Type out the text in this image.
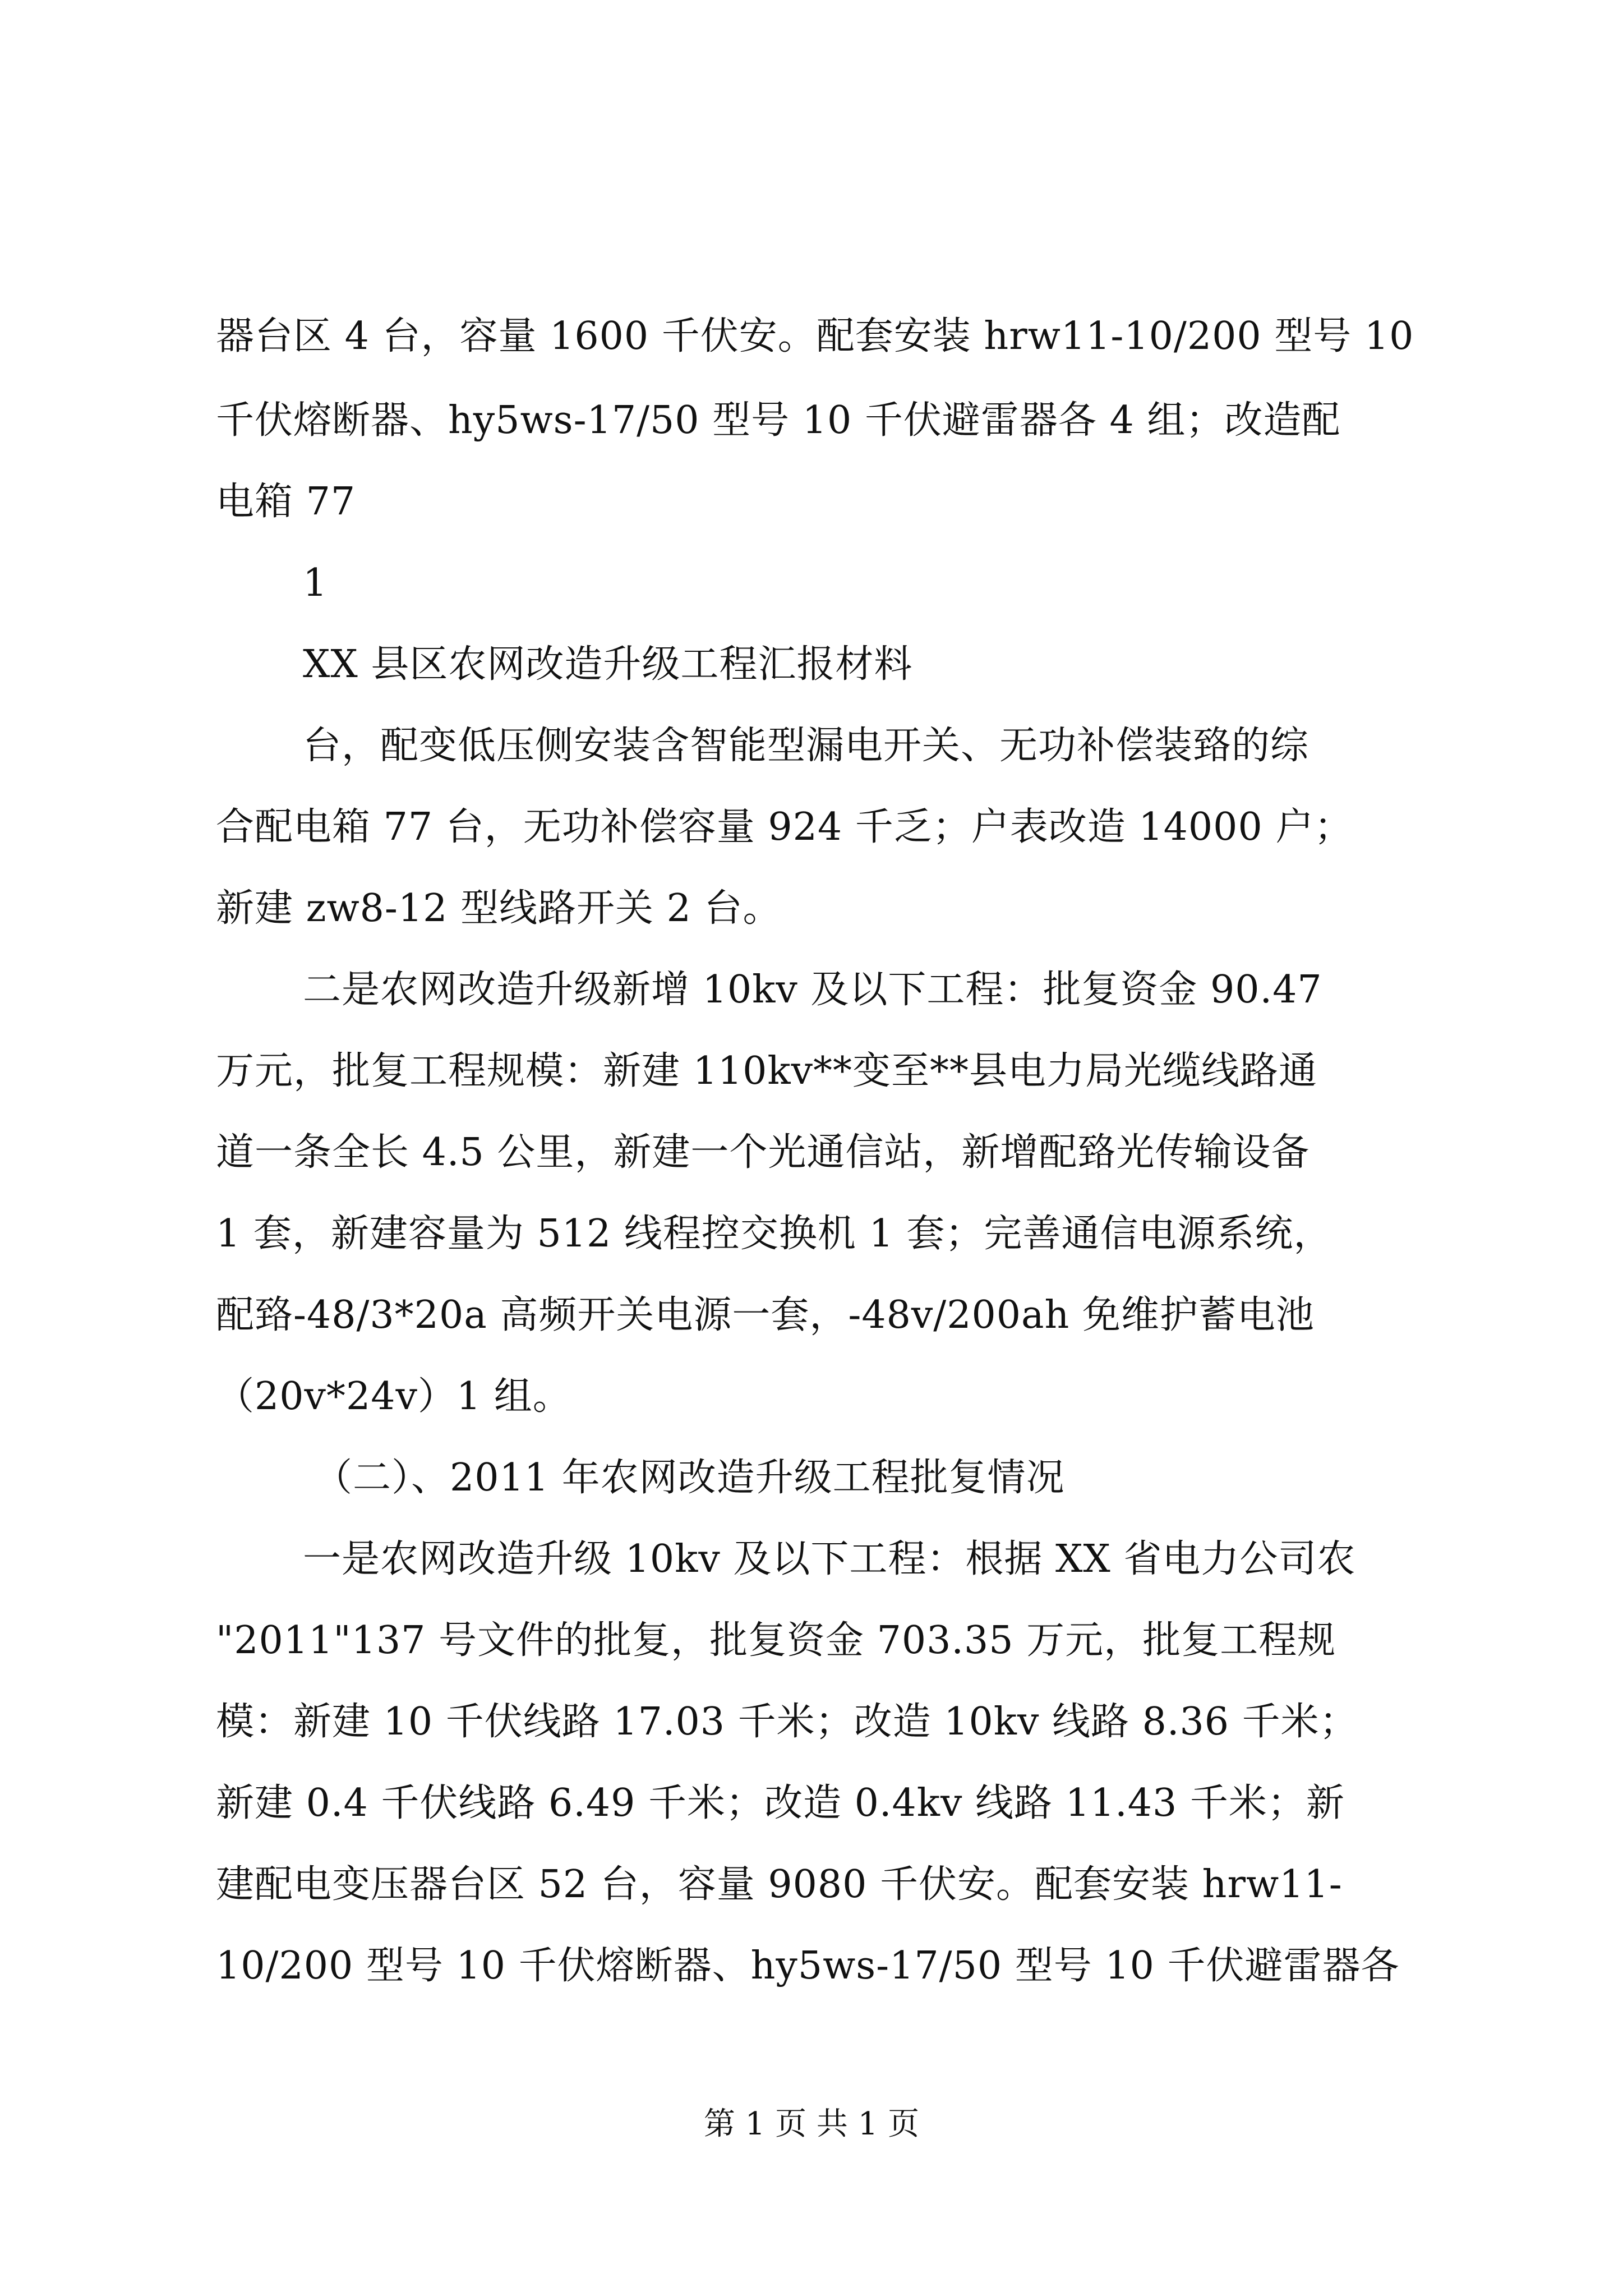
器台区 4 台，容量 1600 千伏安。配套安装 hrw11-10/200 型号 10
千伏熔断器、hy5ws-17/50 型号 10 千伏避雷器各 4 组；改造配
电箱 77
1
XX 县区农网改造升级工程汇报材料
台，配变低压侧安装含智能型漏电开关、无功补偿装臵的综
合配电箱 77 台，无功补偿容量 924 千乏；户表改造 14000 户；
新建 zw8-12 型线路开关 2 台。
二是农网改造升级新增 10kv 及以下工程：批复资金 90.47
万元，批复工程规模：新建 110kv**变至**县电力局光缆线路通
道一条全长 4.5 公里，新建一个光通信站，新增配臵光传输设备
1 套，新建容量为 512 线程控交换机 1 套；完善通信电源系统，
配臵-48/3*20a 高频开关电源一套，-48v/200ah 免维护蓄电池
（20v*24v）1 组。
（二）、2011 年农网改造升级工程批复情况
一是农网改造升级 10kv 及以下工程：根据 XX 省电力公司农
"2011"137 号文件的批复，批复资金 703.35 万元，批复工程规
模：新建 10 千伏线路 17.03 千米；改造 10kv 线路 8.36 千米；
新建 0.4 千伏线路 6.49 千米；改造 0.4kv 线路 11.43 千米；新
建配电变压器台区 52 台，容量 9080 千伏安。配套安装 hrw11-
10/200 型号 10 千伏熔断器、hy5ws-17/50 型号 10 千伏避雷器各
第 1 页 共 1 页
